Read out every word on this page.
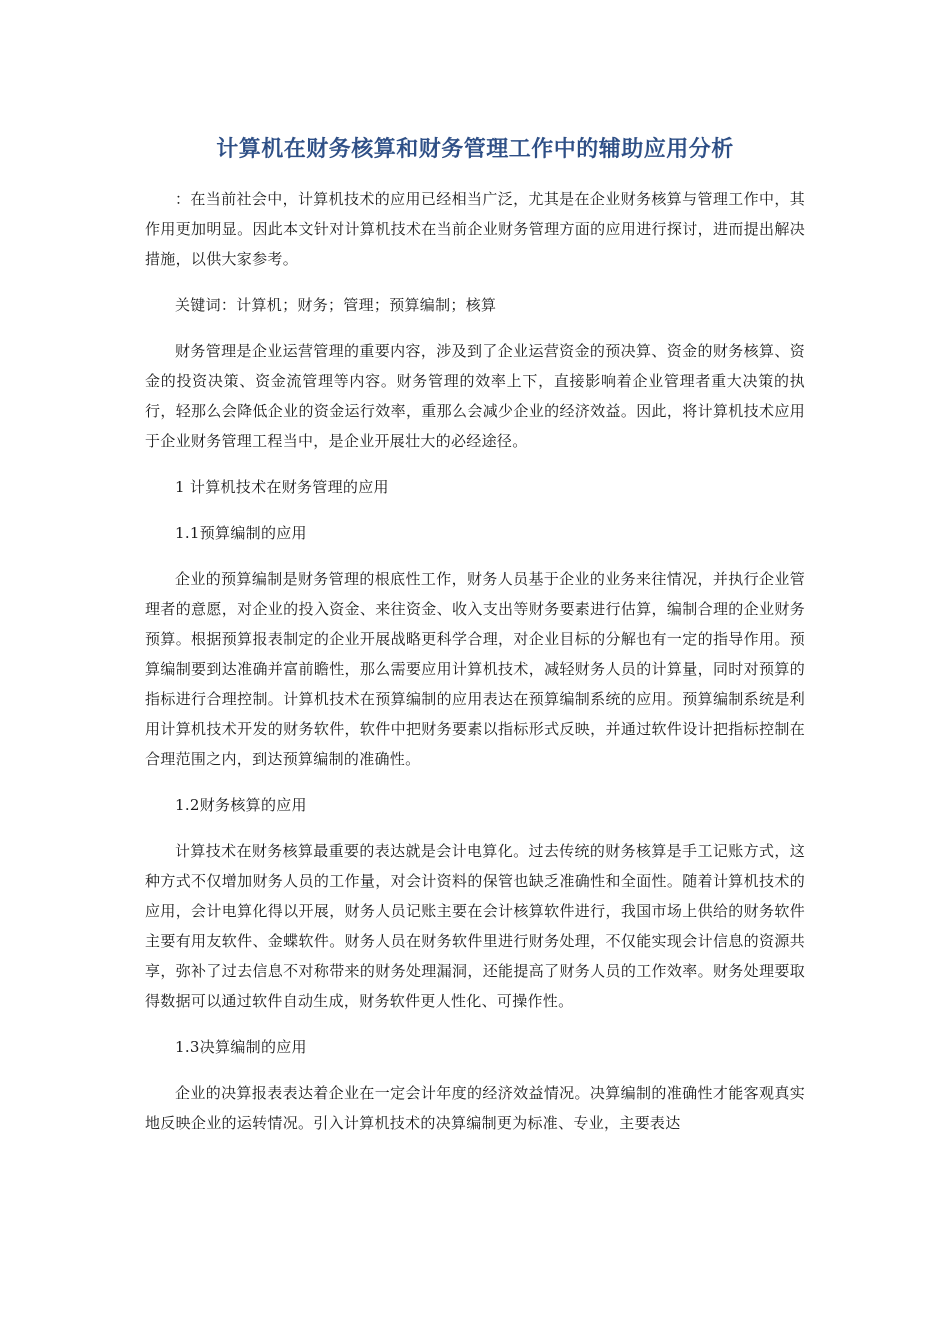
计算机在财务核算和财务管理工作中的辅助应用分析

：在当前社会中，计算机技术的应用已经相当广泛，尤其是在企业财务核算与管理工作中，其作用更加明显。因此本文针对计算机技术在当前企业财务管理方面的应用进行探讨，进而提出解决措施，以供大家参考。

关键词：计算机；财务；管理；预算编制；核算

财务管理是企业运营管理的重要内容，涉及到了企业运营资金的预决算、资金的财务核算、资金的投资决策、资金流管理等内容。财务管理的效率上下，直接影响着企业管理者重大决策的执行，轻那么会降低企业的资金运行效率，重那么会减少企业的经济效益。因此，将计算机技术应用于企业财务管理工程当中，是企业开展壮大的必经途径。

1 计算机技术在财务管理的应用

1.1预算编制的应用

企业的预算编制是财务管理的根底性工作，财务人员基于企业的业务来往情况，并执行企业管理者的意愿，对企业的投入资金、来往资金、收入支出等财务要素进行估算，编制合理的企业财务预算。根据预算报表制定的企业开展战略更科学合理，对企业目标的分解也有一定的指导作用。预算编制要到达准确并富前瞻性，那么需要应用计算机技术，减轻财务人员的计算量，同时对预算的指标进行合理控制。计算机技术在预算编制的应用表达在预算编制系统的应用。预算编制系统是利用计算机技术开发的财务软件，软件中把财务要素以指标形式反映，并通过软件设计把指标控制在合理范围之内，到达预算编制的准确性。

1.2财务核算的应用

计算技术在财务核算最重要的表达就是会计电算化。过去传统的财务核算是手工记账方式，这种方式不仅增加财务人员的工作量，对会计资料的保管也缺乏准确性和全面性。随着计算机技术的应用，会计电算化得以开展，财务人员记账主要在会计核算软件进行，我国市场上供给的财务软件主要有用友软件、金蝶软件。财务人员在财务软件里进行财务处理，不仅能实现会计信息的资源共享，弥补了过去信息不对称带来的财务处理漏洞，还能提高了财务人员的工作效率。财务处理要取得数据可以通过软件自动生成，财务软件更人性化、可操作性。

1.3决算编制的应用

企业的决算报表表达着企业在一定会计年度的经济效益情况。决算编制的准确性才能客观真实地反映企业的运转情况。引入计算机技术的决算编制更为标准、专业，主要表达
